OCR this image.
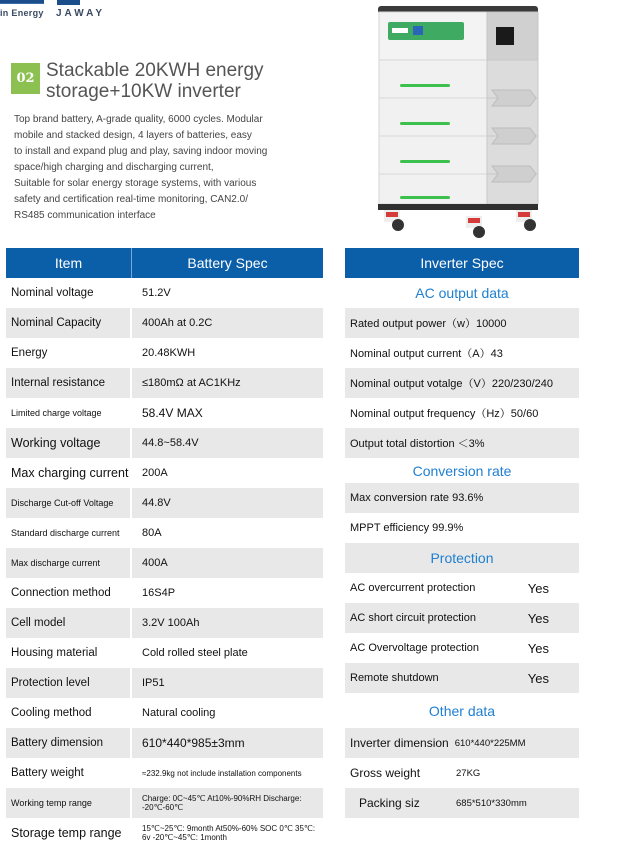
in Energy JAWAY
02 Stackable 20KWH energy
storage+10KW inverter
Top brand battery, A-grade quality, 6000 cycles. Modular
mobile and stacked design, 4 layers of batteries, easy
to install and expand plug and play, saving indoor moving
space/high charging and discharging current,
Suitable for solar energy storage systems, with various
safety and certification real-time monitoring, CAN2.0/
RS485 communication interface
Item	Battery Spec
Nominal voltage	51.2V
Nominal Capacity	400Ah at 0.2C
Energy	20.48KWH
Internal resistance	≤180mΩ at AC1KHz
Limited charge voltage	58.4V MAX
Working voltage	44.8~58.4V
Max charging current	200A
Discharge Cut-off Voltage	44.8V
Standard discharge current	80A
Max discharge current	400A
Connection method	16S4P
Cell model	3.2V 100Ah
Housing material	Cold rolled steel plate
Protection level	IP51
Cooling method	Natural cooling
Battery dimension	610*440*985±3mm
Battery weight	≈232.9kg not include installation components
Working temp range	Charge: 0C~45℃ At10%-90%RH Discharge: -20℃-60℃
Storage temp range	15℃~25℃: 9month At50%-60% SOC 0℃ 35℃: 6v -20℃~45℃: 1month
Inverter Spec
AC output data
Rated output power（w）10000
Nominal output current（A）43
Nominal output votalge（V）220/230/240
Nominal output frequency（Hz）50/60
Output total distortion ＜3%
Conversion rate
Max conversion rate 93.6%
MPPT efficiency 99.9%
Protection
AC overcurrent protection	Yes
AC short circuit protection	Yes
AC Overvoltage protection	Yes
Remote shutdown	Yes
Other data
Inverter dimension 610*440*225MM
Gross weight	27KG
Packing siz	685*510*330mm
